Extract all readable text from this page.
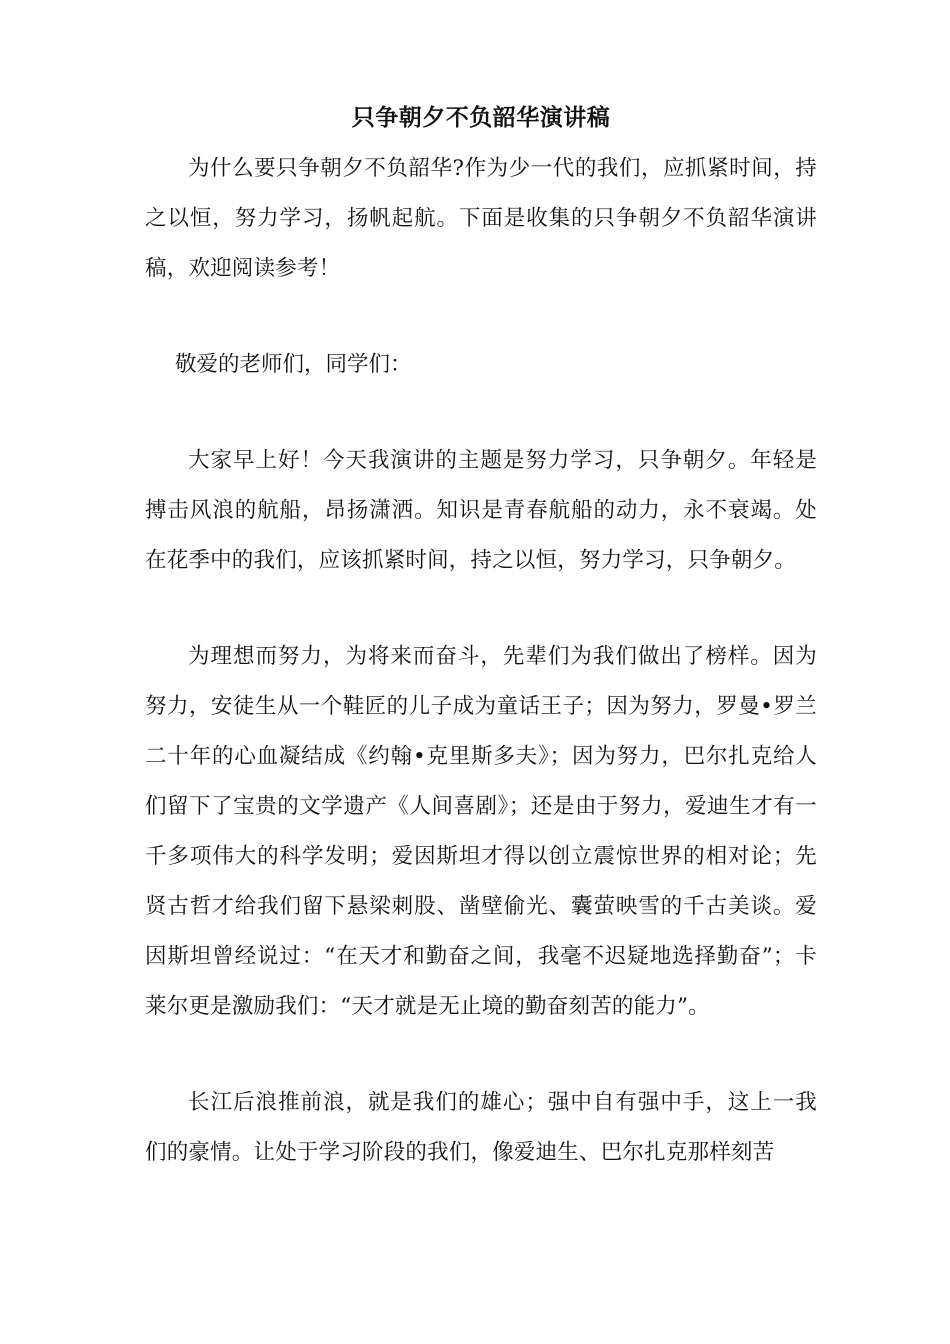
只争朝夕不负韶华演讲稿

为什么要只争朝夕不负韶华?作为少一代的我们，应抓紧时间，持之以恒，努力学习，扬帆起航。下面是收集的只争朝夕不负韶华演讲稿，欢迎阅读参考！

敬爱的老师们，同学们：

大家早上好！今天我演讲的主题是努力学习，只争朝夕。年轻是搏击风浪的航船，昂扬潇洒。知识是青春航船的动力，永不衰竭。处在花季中的我们，应该抓紧时间，持之以恒，努力学习，只争朝夕。

为理想而努力，为将来而奋斗，先辈们为我们做出了榜样。因为努力，安徒生从一个鞋匠的儿子成为童话王子；因为努力，罗曼•罗兰二十年的心血凝结成《约翰•克里斯多夫》；因为努力，巴尔扎克给人们留下了宝贵的文学遗产《人间喜剧》；还是由于努力，爱迪生才有一千多项伟大的科学发明；爱因斯坦才得以创立震惊世界的相对论；先贤古哲才给我们留下悬梁刺股、凿壁偷光、囊萤映雪的千古美谈。爱因斯坦曾经说过：“在天才和勤奋之间，我毫不迟疑地选择勤奋”；卡莱尔更是激励我们：“天才就是无止境的勤奋刻苦的能力”。

长江后浪推前浪，就是我们的雄心；强中自有强中手，这上一我们的豪情。让处于学习阶段的我们，像爱迪生、巴尔扎克那样刻苦
